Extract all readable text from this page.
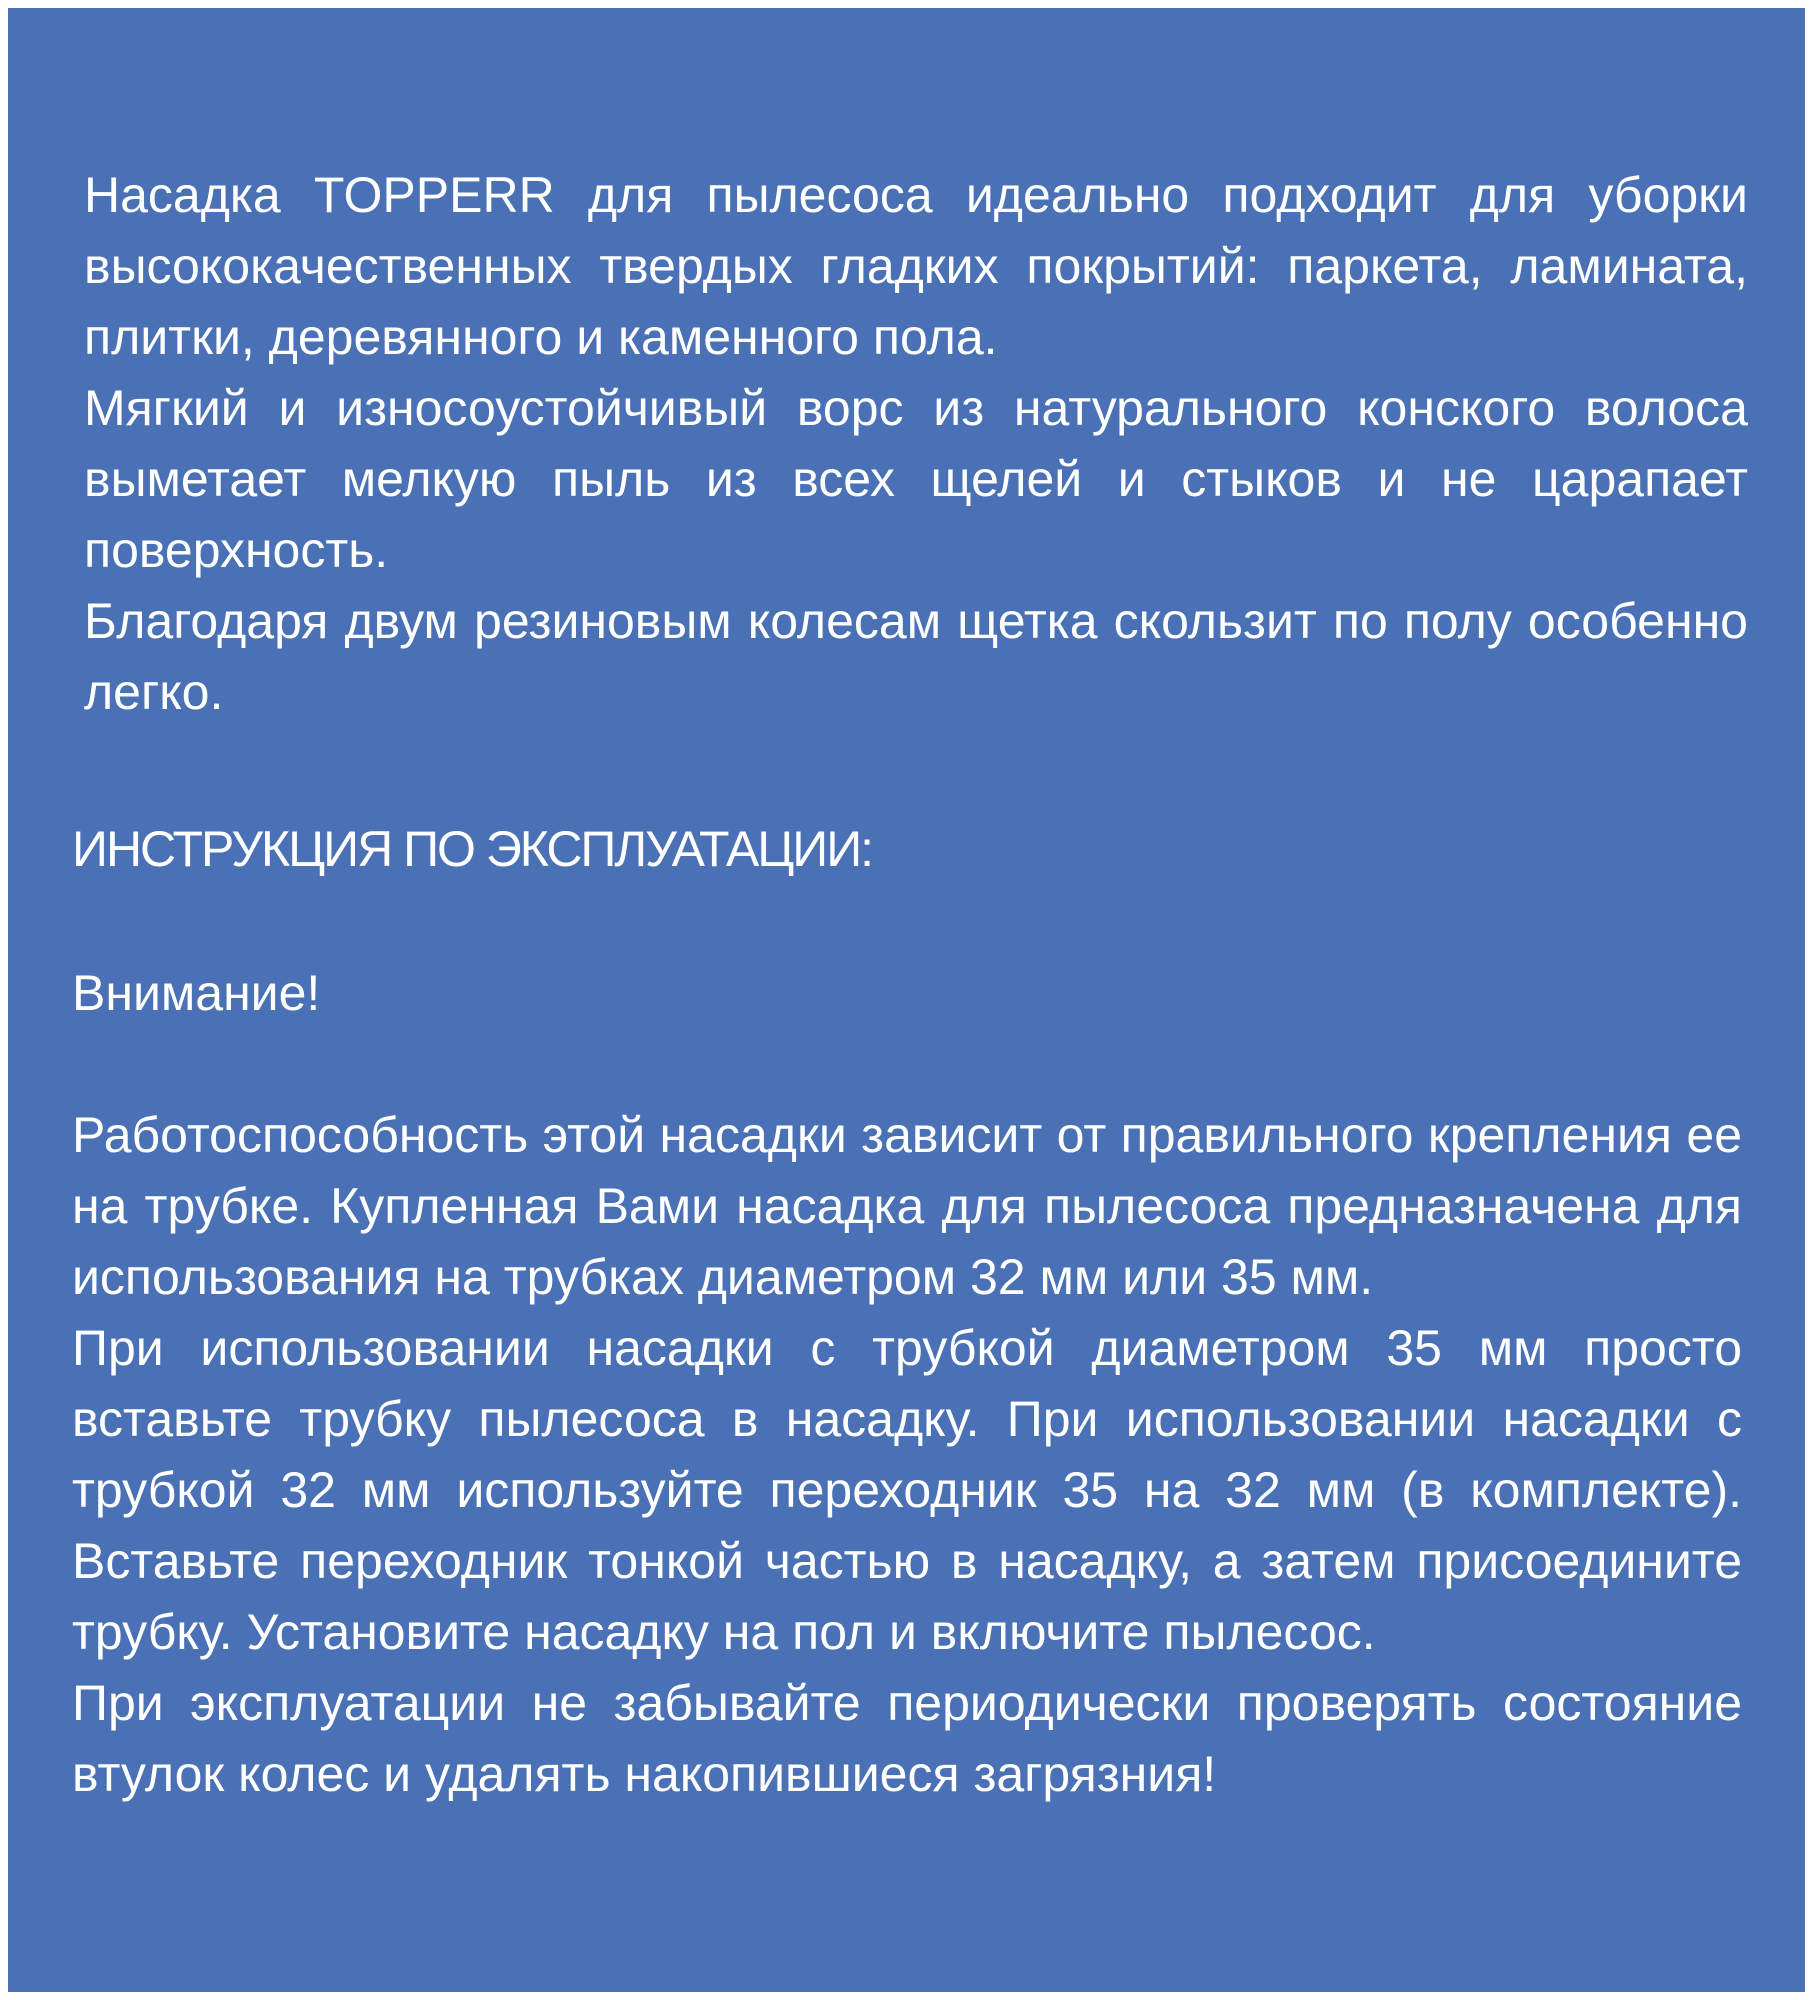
Насадка TOPPERR для пылесоса идеально подходит для уборки высококачественных твердых гладких покрытий: паркета, ламината, плитки, деревянного и каменного пола.

Мягкий и износоустойчивый ворс из натурального конского волоса выметает мелкую пыль из всех щелей и стыков и не царапает поверхность.

Благодаря двум резиновым колесам щетка скользит по полу особенно легко.

ИНСТРУКЦИЯ ПО ЭКСПЛУАТАЦИИ:

Внимание!

Работоспособность этой насадки зависит от правильного крепления ее на трубке. Купленная Вами насадка для пылесоса предназначена для использования на трубках диаметром 32 мм или 35 мм.

При использовании насадки с трубкой диаметром 35 мм просто вставьте трубку пылесоса в насадку. При использовании насадки с трубкой 32 мм используйте переходник 35 на 32 мм (в комплекте). Вставьте переходник тонкой частью в насадку, а затем присоедините трубку. Установите насадку на пол и включите пылесос.

При эксплуатации не забывайте периодически проверять состояние втулок колес и удалять накопившиеся загрязния!
